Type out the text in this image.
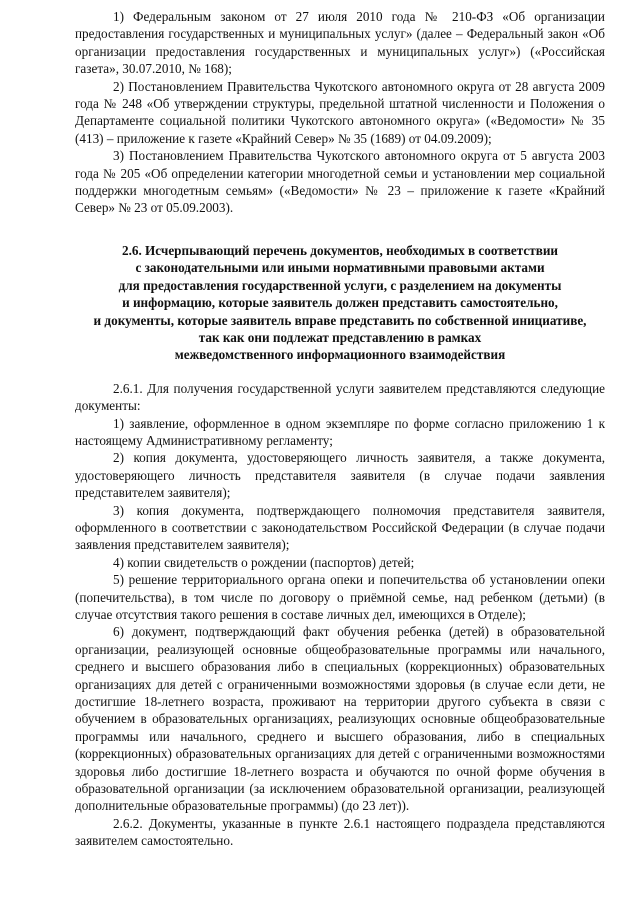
1) Федеральным законом от 27 июля 2010 года № 210-ФЗ «Об организации предоставления государственных и муниципальных услуг» (далее – Федеральный закон «Об организации предоставления государственных и муниципальных услуг») («Российская газета», 30.07.2010, № 168);

2) Постановлением Правительства Чукотского автономного округа от 28 августа 2009 года № 248 «Об утверждении структуры, предельной штатной численности и Положения о Департаменте социальной политики Чукотского автономного округа» («Ведомости» № 35 (413) – приложение к газете «Крайний Север» № 35 (1689) от 04.09.2009);

3) Постановлением Правительства Чукотского автономного округа от 5 августа 2003 года № 205 «Об определении категории многодетной семьи и установлении мер социальной поддержки многодетным семьям» («Ведомости» № 23 – приложение к газете «Крайний Север» № 23 от 05.09.2003).

2.6. Исчерпывающий перечень документов, необходимых в соответствии
с законодательными или иными нормативными правовыми актами
для предоставления государственной услуги, с разделением на документы
и информацию, которые заявитель должен представить самостоятельно,
и документы, которые заявитель вправе представить по собственной инициативе,
так как они подлежат представлению в рамках
межведомственного информационного взаимодействия

2.6.1. Для получения государственной услуги заявителем представляются следующие документы:

1) заявление, оформленное в одном экземпляре по форме согласно приложению 1 к настоящему Административному регламенту;

2) копия документа, удостоверяющего личность заявителя, а также документа, удостоверяющего личность представителя заявителя (в случае подачи заявления представителем заявителя);

3) копия документа, подтверждающего полномочия представителя заявителя, оформленного в соответствии с законодательством Российской Федерации (в случае подачи заявления представителем заявителя);

4) копии свидетельств о рождении (паспортов) детей;

5) решение территориального органа опеки и попечительства об установлении опеки (попечительства), в том числе по договору о приёмной семье, над ребенком (детьми) (в случае отсутствия такого решения в составе личных дел, имеющихся в Отделе);

6) документ, подтверждающий факт обучения ребенка (детей) в образовательной организации, реализующей основные общеобразовательные программы или начального, среднего и высшего образования либо в специальных (коррекционных) образовательных организациях для детей с ограниченными возможностями здоровья (в случае если дети, не достигшие 18-летнего возраста, проживают на территории другого субъекта в связи с обучением в образовательных организациях, реализующих основные общеобразовательные программы или начального, среднего и высшего образования, либо в специальных (коррекционных) образовательных организациях для детей с ограниченными возможностями здоровья либо достигшие 18-летнего возраста и обучаются по очной форме обучения в образовательной организации (за исключением образовательной организации, реализующей дополнительные образовательные программы) (до 23 лет)).

2.6.2. Документы, указанные в пункте 2.6.1 настоящего подраздела представляются заявителем самостоятельно.
